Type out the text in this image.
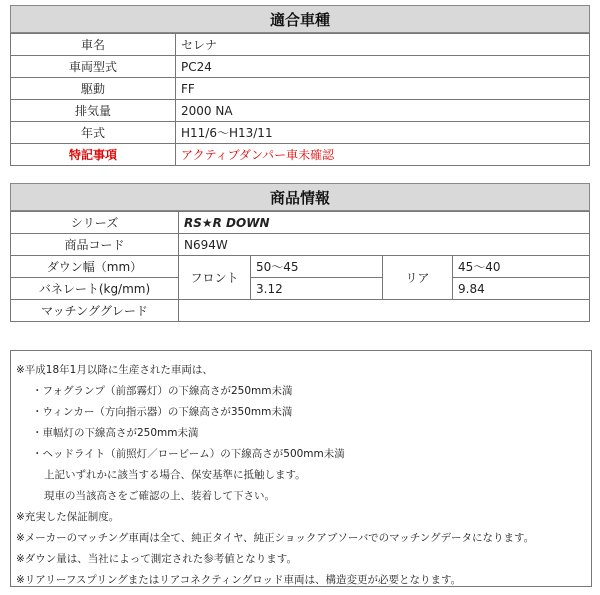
適合車種
車名	セレナ
車両型式	PC24
駆動	FF
排気量	2000 NA
年式	H11/6〜H13/11
特記事項	アクティブダンパー車未確認
商品情報
シリーズ	RS★R DOWN			
商品コード	N694W			
ダウン幅（mm）	フロント	50〜45	リア	45〜40
バネレート(kg/mm)		3.12		9.84
マッチンググレード				
※平成18年1月以降に生産された車両は、
・フォグランプ（前部霧灯）の下線高さが250mm未満
・ウィンカー（方向指示器）の下線高さが350mm未満
・車幅灯の下線高さが250mm未満
・ヘッドライト（前照灯／ロービーム）の下線高さが500mm未満
上記いずれかに該当する場合、保安基準に抵触します。
現車の当該高さをご確認の上、装着して下さい。
※充実した保証制度。
※メーカーのマッチング車両は全て、純正タイヤ、純正ショックアブソーバでのマッチングデータになります。
※ダウン量は、当社によって測定された参考値となります。
※リアリーフスプリングまたはリアコネクティングロッド車両は、構造変更が必要となります。
